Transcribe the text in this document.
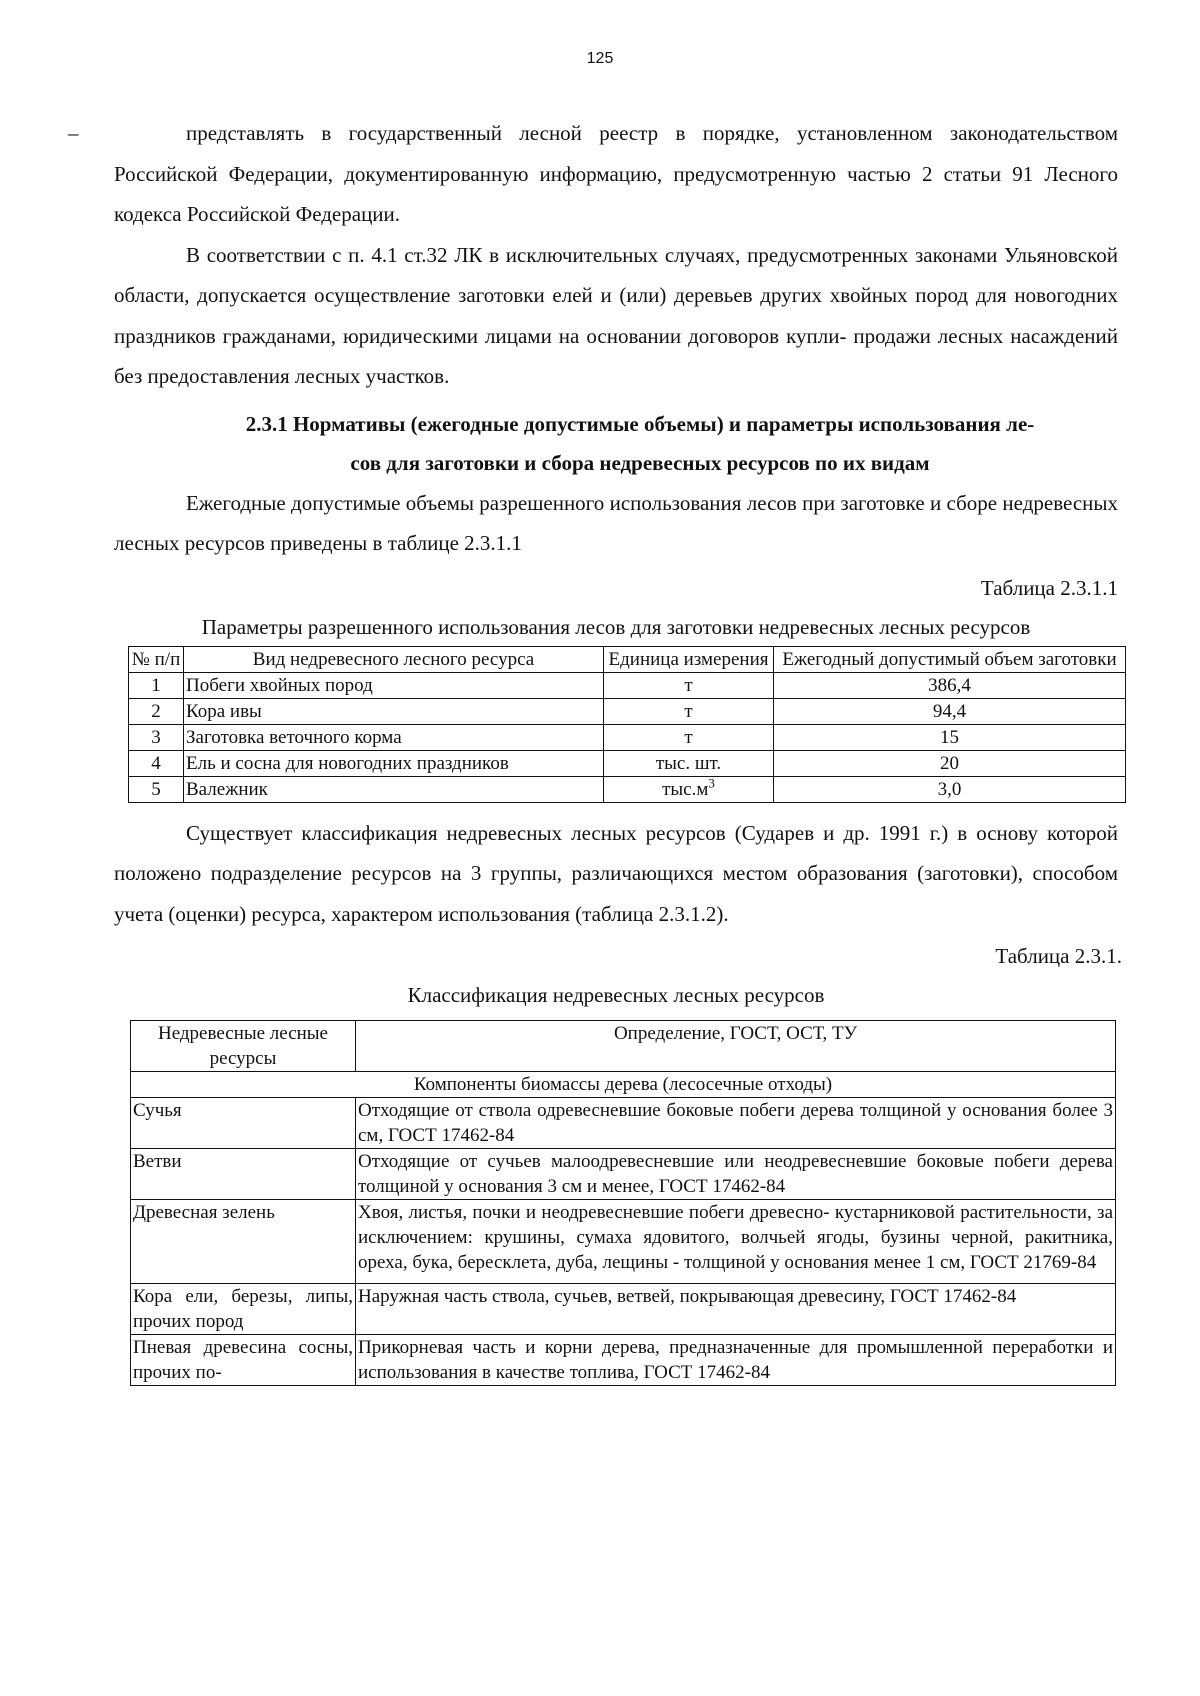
125

–	представлять в государственный лесной реестр в порядке, установленном законодательством Российской Федерации, документированную информацию, предусмотренную частью 2 статьи 91 Лесного кодекса Российской Федерации.

В соответствии с п. 4.1 ст.32 ЛК в исключительных случаях, предусмотренных законами Ульяновской области, допускается осуществление заготовки елей и (или) деревьев других хвойных пород для новогодних праздников гражданами, юридическими лицами на основании договоров купли- продажи лесных насаждений без предоставления лесных участков.

2.3.1 Нормативы (ежегодные допустимые объемы) и параметры использования ле-
сов для заготовки и сбора недревесных ресурсов по их видам

Ежегодные допустимые объемы разрешенного использования лесов при заготовке и сборе недревесных лесных ресурсов приведены в таблице 2.3.1.1

Таблица 2.3.1.1
Параметры разрешенного использования лесов для заготовки недревесных лесных ресурсов
№ п/п	Вид недревесного лесного ресурса	Единица измерения	Ежегодный допустимый объем заготовки
1	Побеги хвойных пород	т	386,4
2	Кора ивы	т	94,4
3	Заготовка веточного корма	т	15
4	Ель и сосна для новогодних праздников	тыс. шт.	20
5	Валежник	$тыс.м^3$	3,0

Существует классификация недревесных лесных ресурсов (Сударев и др. 1991 г.) в основу которой положено подразделение ресурсов на 3 группы, различающихся местом образования (заготовки), способом учета (оценки) ресурса, характером использования (таблица 2.3.1.2).

Таблица 2.3.1.
Классификация недревесных лесных ресурсов
Недревесные лесные ресурсы	Определение, ГОСТ, ОСТ, ТУ
Компоненты биомассы дерева (лесосечные отходы)	
Сучья	Отходящие от ствола одревесневшие боковые побеги дерева толщиной у основания более 3 см, ГОСТ 17462-84
Ветви	Отходящие от сучьев малоодревесневшие или неодревесневшие боковые побеги дерева толщиной у основания 3 см и менее, ГОСТ 17462-84
Древесная зелень	Хвоя, листья, почки и неодревесневшие побеги древесно- кустарниковой растительности, за исключением: крушины, сумаха ядовитого, волчьей ягоды, бузины черной, ракитника, ореха, бука, бересклета, дуба, лещины - толщиной у основания менее 1 см, ГОСТ 21769-84
Кора ели, березы, липы, прочих пород	Наружная часть ствола, сучьев, ветвей, покрывающая древесину, ГОСТ 17462-84
Пневая древесина сосны, прочих по-	Прикорневая часть и корни дерева, предназначенные для промышленной переработки и использования в качестве топлива, ГОСТ 17462-84
